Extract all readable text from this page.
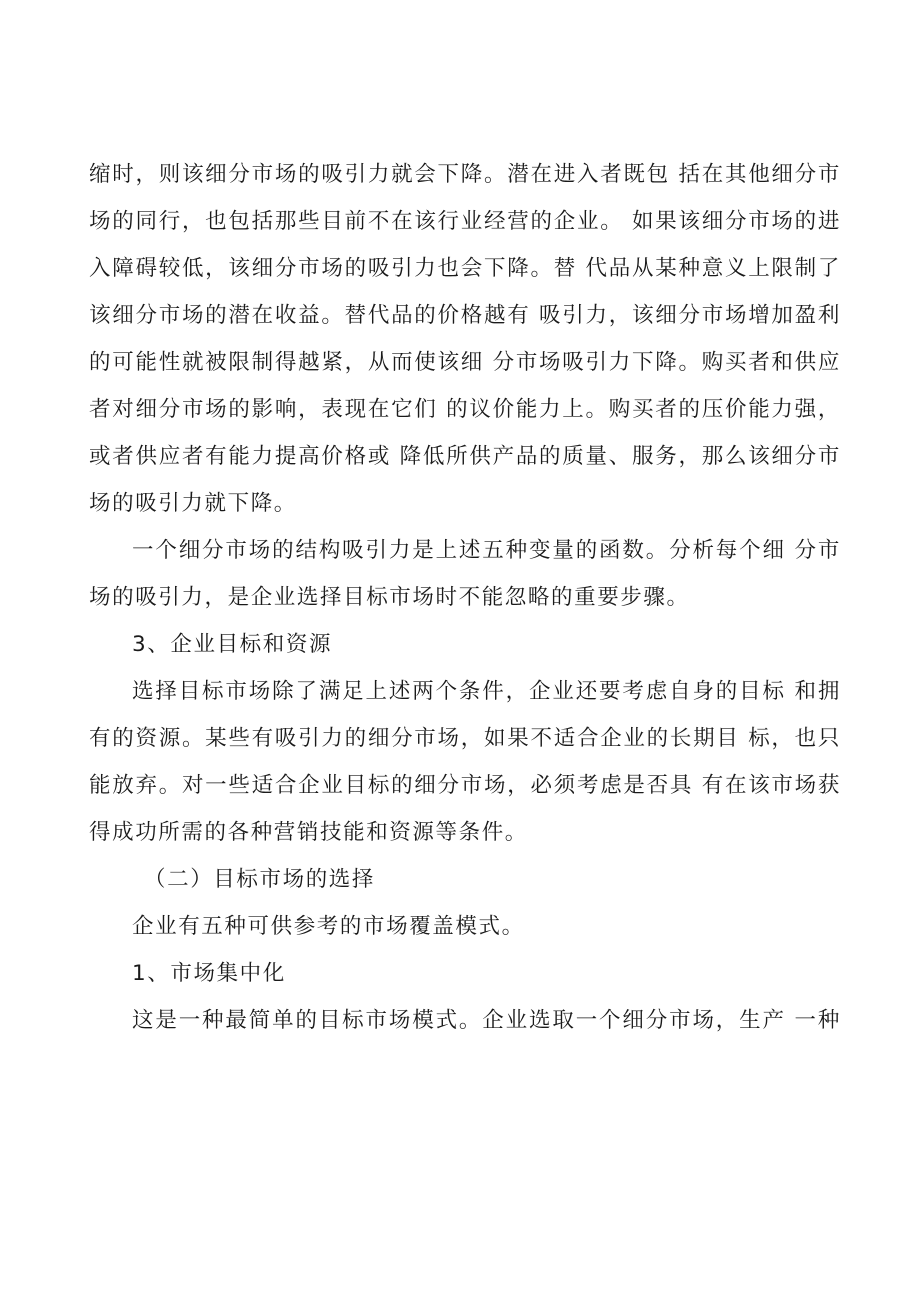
缩时，则该细分市场的吸引力就会下降。潜在进入者既包 括在其他细分市
场的同行，也包括那些目前不在该行业经营的企业。 如果该细分市场的进
入障碍较低，该细分市场的吸引力也会下降。替 代品从某种意义上限制了
该细分市场的潜在收益。替代品的价格越有 吸引力，该细分市场增加盈利
的可能性就被限制得越紧，从而使该细 分市场吸引力下降。购买者和供应
者对细分市场的影响，表现在它们 的议价能力上。购买者的压价能力强，
或者供应者有能力提高价格或 降低所供产品的质量、服务，那么该细分市
场的吸引力就下降。
一个细分市场的结构吸引力是上述五种变量的函数。分析每个细 分市
场的吸引力，是企业选择目标市场时不能忽略的重要步骤。
3、企业目标和资源
选择目标市场除了满足上述两个条件，企业还要考虑自身的目标 和拥
有的资源。某些有吸引力的细分市场，如果不适合企业的长期目 标，也只
能放弃。对一些适合企业目标的细分市场，必须考虑是否具 有在该市场获
得成功所需的各种营销技能和资源等条件。
（二）目标市场的选择
企业有五种可供参考的市场覆盖模式。
1、市场集中化
这是一种最简单的目标市场模式。企业选取一个细分市场，生产 一种
